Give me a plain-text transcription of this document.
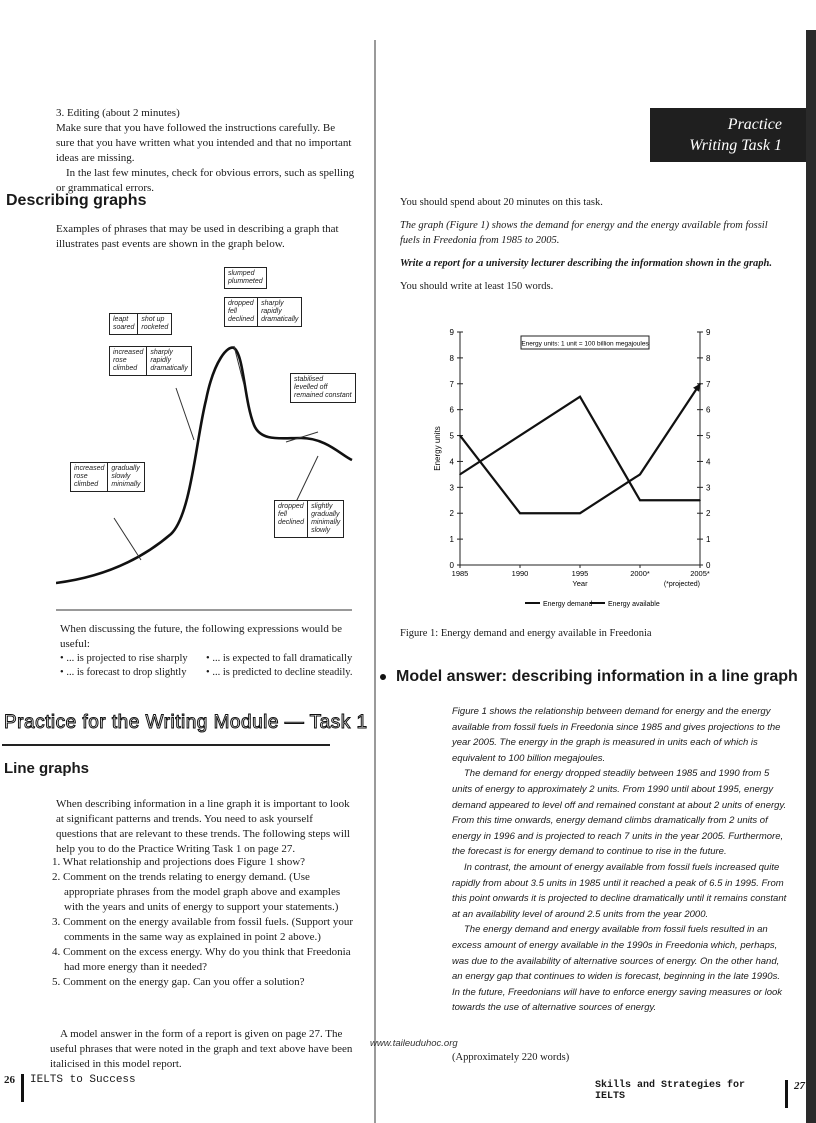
3. Editing (about 2 minutes)

Make sure that you have followed the instructions carefully. Be sure that you have written what you intended and that no important ideas are missing.

In the last few minutes, check for obvious errors, such as spelling or grammatical errors.

Describing graphs
Examples of phrases that may be used in describing a graph that illustrates past events are shown in the graph below.
slumped
plummeted
dropped
fell
declined
sharply
rapidly
dramatically
leapt
soared
shot up
rocketed
increased
rose
climbed
sharply
rapidly
dramatically
stabilised
levelled off
remained constant
increased
rose
climbed
gradually
slowly
minimally
dropped
fell
declined
slightly
gradually
minimally
slowly

When discussing the future, the following expressions would be useful:

• ... is projected to rise sharply	• ... is expected to fall dramatically
• ... is forecast to drop slightly	• ... is predicted to decline steadily.
Practice for the Writing Module — Task 1
Line graphs
When describing information in a line graph it is important to look at significant patterns and trends. You need to ask yourself questions that are relevant to these trends. The following steps will help you to do the Practice Writing Task 1 on page 27.
1. What relationship and projections does Figure 1 show?
2. Comment on the trends relating to energy demand. (Use appropriate phrases from the model graph above and examples with the years and units of energy to support your statements.)
3. Comment on the energy available from fossil fuels. (Support your comments in the same way as explained in point 2 above.)
4. Comment on the excess energy. Why do you think that Freedonia had more energy than it needed?
5. Comment on the energy gap. Can you offer a solution?
A model answer in the form of a report is given on page 27. The useful phrases that were noted in the graph and text above have been italicised in this model report.
26 IELTS to Success
Practice
Writing Task 1

You should spend about 20 minutes on this task.

The graph (Figure 1) shows the demand for energy and the energy available from fossil fuels in Freedonia from 1985 to 2005.

Write a report for a university lecturer describing the information shown in the graph.

You should write at least 150 words.

0	0
1	1
2	2
3	3
4	4
5	5
6	6
7	7
8	8
9	9
1985	1990	1995	2000*	2005*
(*projected)
Year
Energy units
Energy units: 1 unit = 100 billion megajoules
Energy demand Energy available
Figure 1: Energy demand and energy available in Freedonia
Model answer: describing information in a line graph

Figure 1 shows the relationship between demand for energy and the energy available from fossil fuels in Freedonia since 1985 and gives projections to the year 2005. The energy in the graph is measured in units each of which is equivalent to 100 billion megajoules.

The demand for energy dropped steadily between 1985 and 1990 from 5 units of energy to approximately 2 units. From 1990 until about 1995, energy demand appeared to level off and remained constant at about 2 units of energy. From this time onwards, energy demand climbs dramatically from 2 units of energy in 1996 and is projected to reach 7 units in the year 2005. Furthermore, the forecast is for energy demand to continue to rise in the future.

In contrast, the amount of energy available from fossil fuels increased quite rapidly from about 3.5 units in 1985 until it reached a peak of 6.5 in 1995. From this point onwards it is projected to decline dramatically until it remains constant at an availability level of around 2.5 units from the year 2000.

The energy demand and energy available from fossil fuels resulted in an excess amount of energy available in the 1990s in Freedonia which, perhaps, was due to the availability of alternative sources of energy. On the other hand, an energy gap that continues to widen is forecast, beginning in the late 1990s. In the future, Freedonians will have to enforce energy saving measures or look towards the use of alternative sources of energy.

www.taileuduhoc.org
(Approximately 220 words)
Skills and Strategies for IELTS
27
